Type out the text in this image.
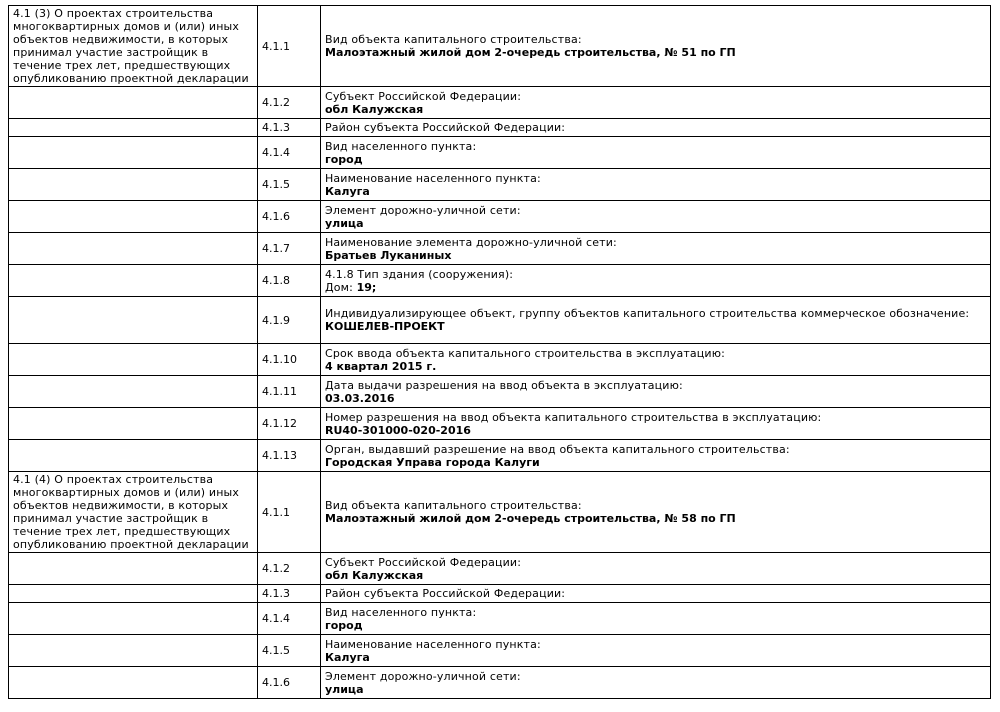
4.1 (3) О проектах строительства многоквартирных домов и (или) иных объектов недвижимости, в которых принимал участие застройщик в течение трех лет, предшествующих опубликованию проектной декларации	4.1.1	Вид объекта капитального строительства:
Малоэтажный жилой дом 2-очередь строительства, № 51 по ГП

	4.1.2	Субъект Российской Федерации:
обл Калужская

	4.1.3	Район субъекта Российской Федерации:

	4.1.4	Вид населенного пункта:
город

	4.1.5	Наименование населенного пункта:
Калуга

	4.1.6	Элемент дорожно-уличной сети:
улица

	4.1.7	Наименование элемента дорожно-уличной сети:
Братьев Луканиных

	4.1.8	4.1.8 Тип здания (сооружения):
Дом: 19;

	4.1.9	Индивидуализирующее объект, группу объектов капитального строительства коммерческое обозначение:
КОШЕЛЕВ-ПРОЕКТ

	4.1.10	Срок ввода объекта капитального строительства в эксплуатацию:
4 квартал 2015 г.

	4.1.11	Дата выдачи разрешения на ввод объекта в эксплуатацию:
03.03.2016

	4.1.12	Номер разрешения на ввод объекта капитального строительства в эксплуатацию:
RU40-301000-020-2016

	4.1.13	Орган, выдавший разрешение на ввод объекта капитального строительства:
Городская Управа города Калуги

4.1 (4) О проектах строительства многоквартирных домов и (или) иных объектов недвижимости, в которых принимал участие застройщик в течение трех лет, предшествующих опубликованию проектной декларации	4.1.1	Вид объекта капитального строительства:
Малоэтажный жилой дом 2-очередь строительства, № 58 по ГП

	4.1.2	Субъект Российской Федерации:
обл Калужская

	4.1.3	Район субъекта Российской Федерации:

	4.1.4	Вид населенного пункта:
город

	4.1.5	Наименование населенного пункта:
Калуга

	4.1.6	Элемент дорожно-уличной сети:
улица
